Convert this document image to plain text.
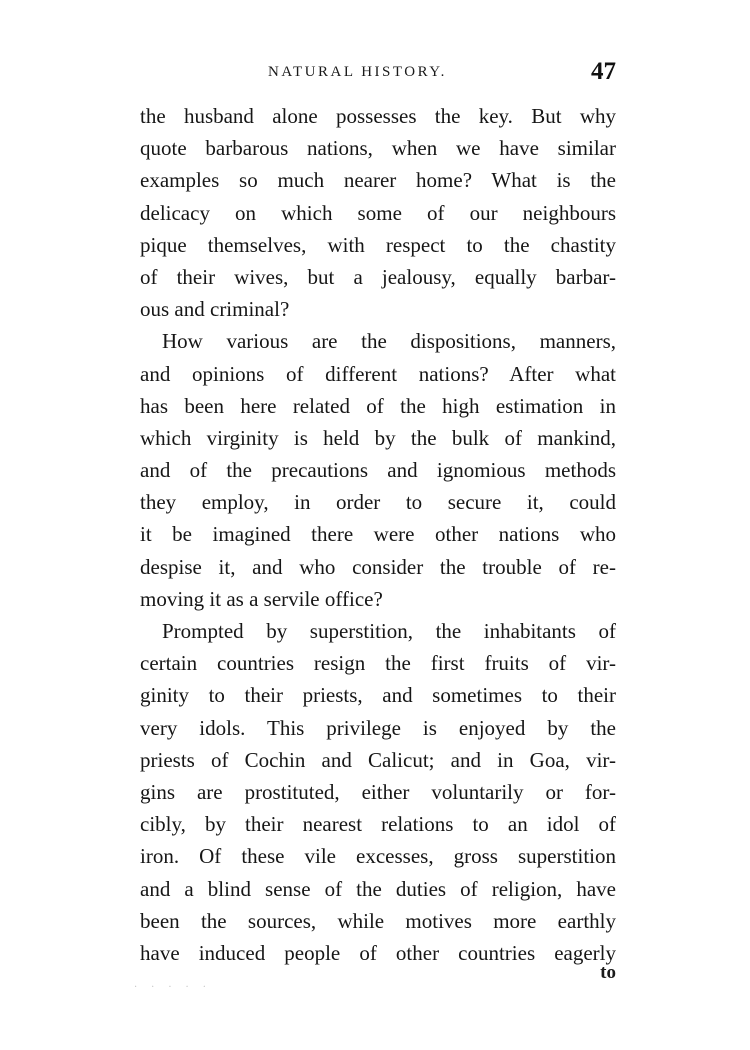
NATURAL HISTORY.	47
the husband alone possesses the key. But why
quote barbarous nations, when we have similar
examples so much nearer home? What is the
delicacy on which some of our neighbours
pique themselves, with respect to the chastity
of their wives, but a jealousy, equally barbar-
ous and criminal?
How various are the dispositions, manners,
and opinions of different nations? After what
has been here related of the high estimation in
which virginity is held by the bulk of mankind,
and of the precautions and ignomious methods
they employ, in order to secure it, could
it be imagined there were other nations who
despise it, and who consider the trouble of re-
moving it as a servile office?
Prompted by superstition, the inhabitants of
certain countries resign the first fruits of vir-
ginity to their priests, and sometimes to their
very idols. This privilege is enjoyed by the
priests of Cochin and Calicut; and in Goa, vir-
gins are prostituted, either voluntarily or for-
cibly, by their nearest relations to an idol of
iron. Of these vile excesses, gross superstition
and a blind sense of the duties of religion, have
been the sources, while motives more earthly
have induced people of other countries eagerly
to
·····
